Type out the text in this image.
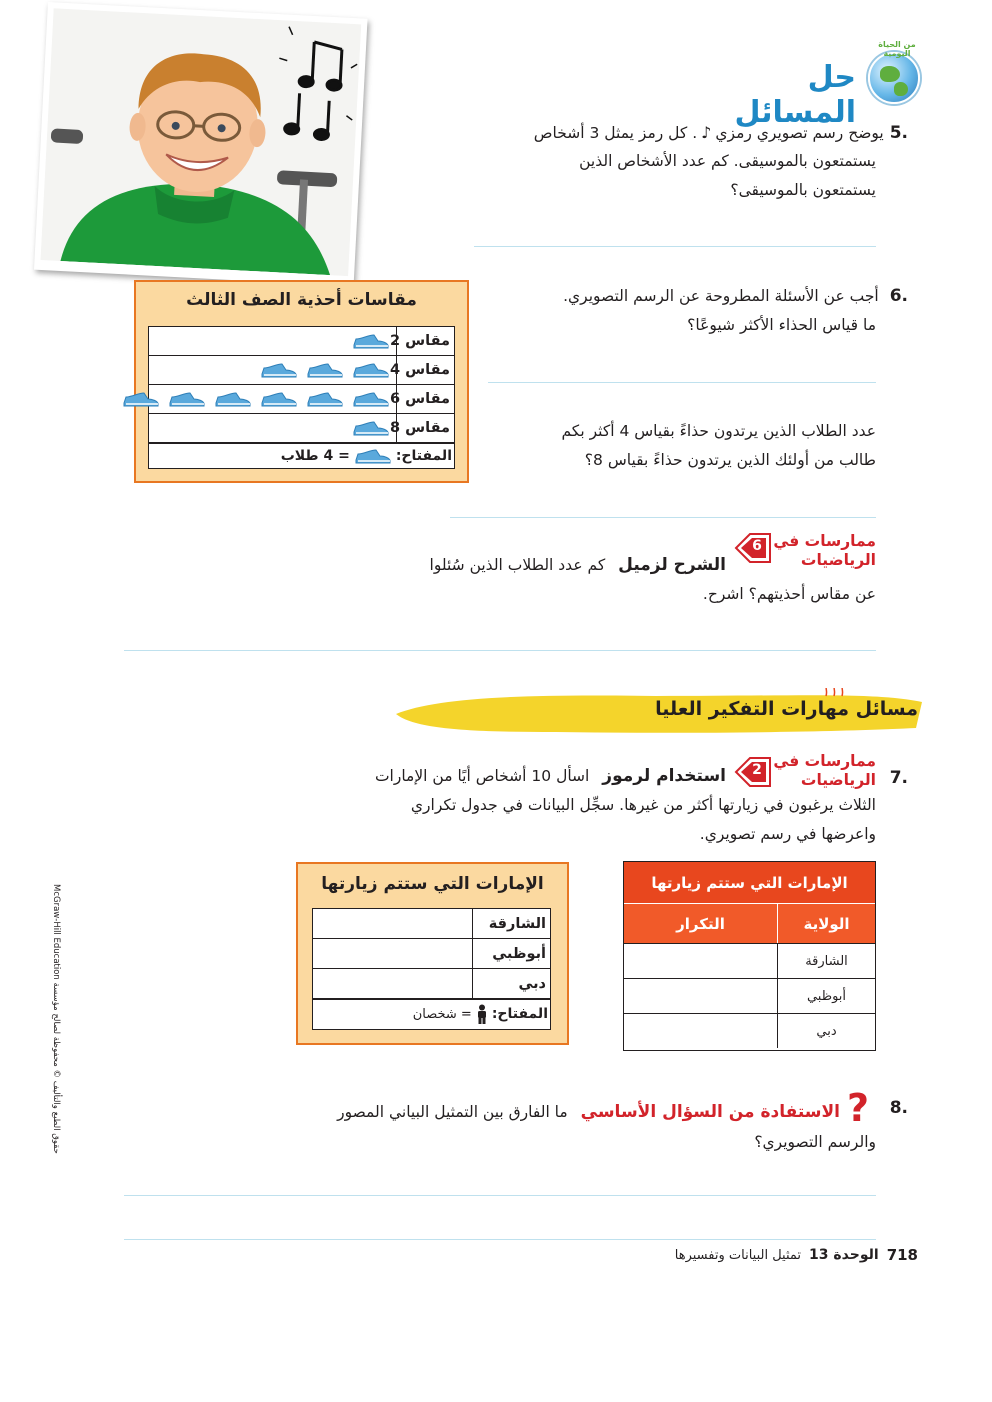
من الحياة اليومية
حل المسائل
.5
يوضح رسم تصويري رمزي
♪
. كل رمز يمثل 3 أشخاص
يستمتعون بالموسيقى. كم عدد الأشخاص الذين
يستمتعون بالموسيقى؟
مقاسات أحذية الصف الثالث
مقاس 2
مقاس 4
مقاس 6
مقاس 8
المفتاح:
= 4 طلاب
.6 أجب عن الأسئلة المطروحة عن الرسم التصويري.
ما قياس الحذاء الأكثر شيوعًا؟
عدد الطلاب الذين يرتدون حذاءً بقياس 4 أكثر بكم
طالب من أولئك الذين يرتدون حذاءً بقياس 8؟
ممارسات في
الرياضيات
6
الشرح لزميل كم عدد الطلاب الذين سُئلوا
عن مقاس أحذيتهم؟ اشرح.
مسائل مهارات التفكير العليا
.7
ممارسات في
الرياضيات
2
استخدام لرموز اسأل 10 أشخاص أيًا من الإمارات
الثلاث يرغبون في زيارتها أكثر من غيرها. سجِّل البيانات في جدول تكراري
واعرضها في رسم تصويري.
الإمارات التي ستتم زيارتها
الولاية
التكرار
الشارقة
أبوظبي
دبي
الإمارات التي ستتم زيارتها
الشارقة
أبوظبي
دبي
المفتاح:
= شخصان
.8
?
الاستفادة من السؤال الأساسي ما الفارق بين التمثيل البياني المصور
والرسم التصويري؟
718
الوحدة 13
تمثيل البيانات وتفسيرها
حقوق الطبع والتأليف © محفوظة لصالح مؤسسة McGraw-Hill Education
